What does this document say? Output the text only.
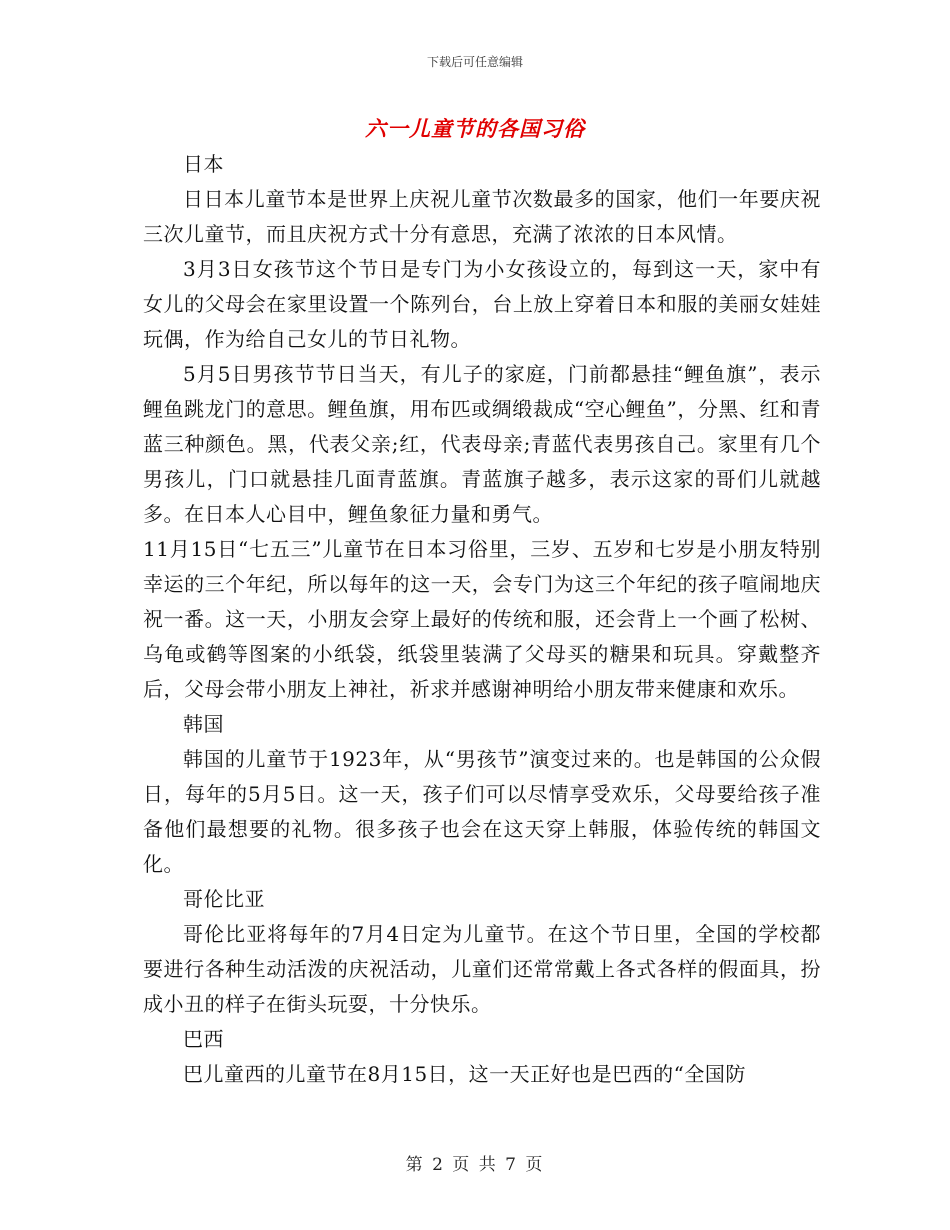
下载后可任意编辑
六一儿童节的各国习俗

日本

日日本儿童节本是世界上庆祝儿童节次数最多的国家，他们一年要庆祝三次儿童节，而且庆祝方式十分有意思，充满了浓浓的日本风情。

3月3日女孩节这个节日是专门为小女孩设立的，每到这一天，家中有女儿的父母会在家里设置一个陈列台，台上放上穿着日本和服的美丽女娃娃玩偶，作为给自己女儿的节日礼物。

5月5日男孩节节日当天，有儿子的家庭，门前都悬挂“鲤鱼旗”，表示鲤鱼跳龙门的意思。鲤鱼旗，用布匹或绸缎裁成“空心鲤鱼”，分黑、红和青蓝三种颜色。黑，代表父亲;红，代表母亲;青蓝代表男孩自己。家里有几个男孩儿，门口就悬挂几面青蓝旗。青蓝旗子越多，表示这家的哥们儿就越多。在日本人心目中，鲤鱼象征力量和勇气。

11月15日“七五三”儿童节在日本习俗里，三岁、五岁和七岁是小朋友特别幸运的三个年纪，所以每年的这一天，会专门为这三个年纪的孩子喧闹地庆祝一番。这一天，小朋友会穿上最好的传统和服，还会背上一个画了松树、乌龟或鹤等图案的小纸袋，纸袋里装满了父母买的糖果和玩具。穿戴整齐后，父母会带小朋友上神社，祈求并感谢神明给小朋友带来健康和欢乐。

韩国

韩国的儿童节于1923年，从“男孩节”演变过来的。也是韩国的公众假日，每年的5月5日。这一天，孩子们可以尽情享受欢乐，父母要给孩子准备他们最想要的礼物。很多孩子也会在这天穿上韩服，体验传统的韩国文化。

哥伦比亚

哥伦比亚将每年的7月4日定为儿童节。在这个节日里，全国的学校都要进行各种生动活泼的庆祝活动，儿童们还常常戴上各式各样的假面具，扮成小丑的样子在街头玩耍，十分快乐。

巴西

巴儿童西的儿童节在8月15日，这一天正好也是巴西的“全国防

第 2 页 共 7 页
